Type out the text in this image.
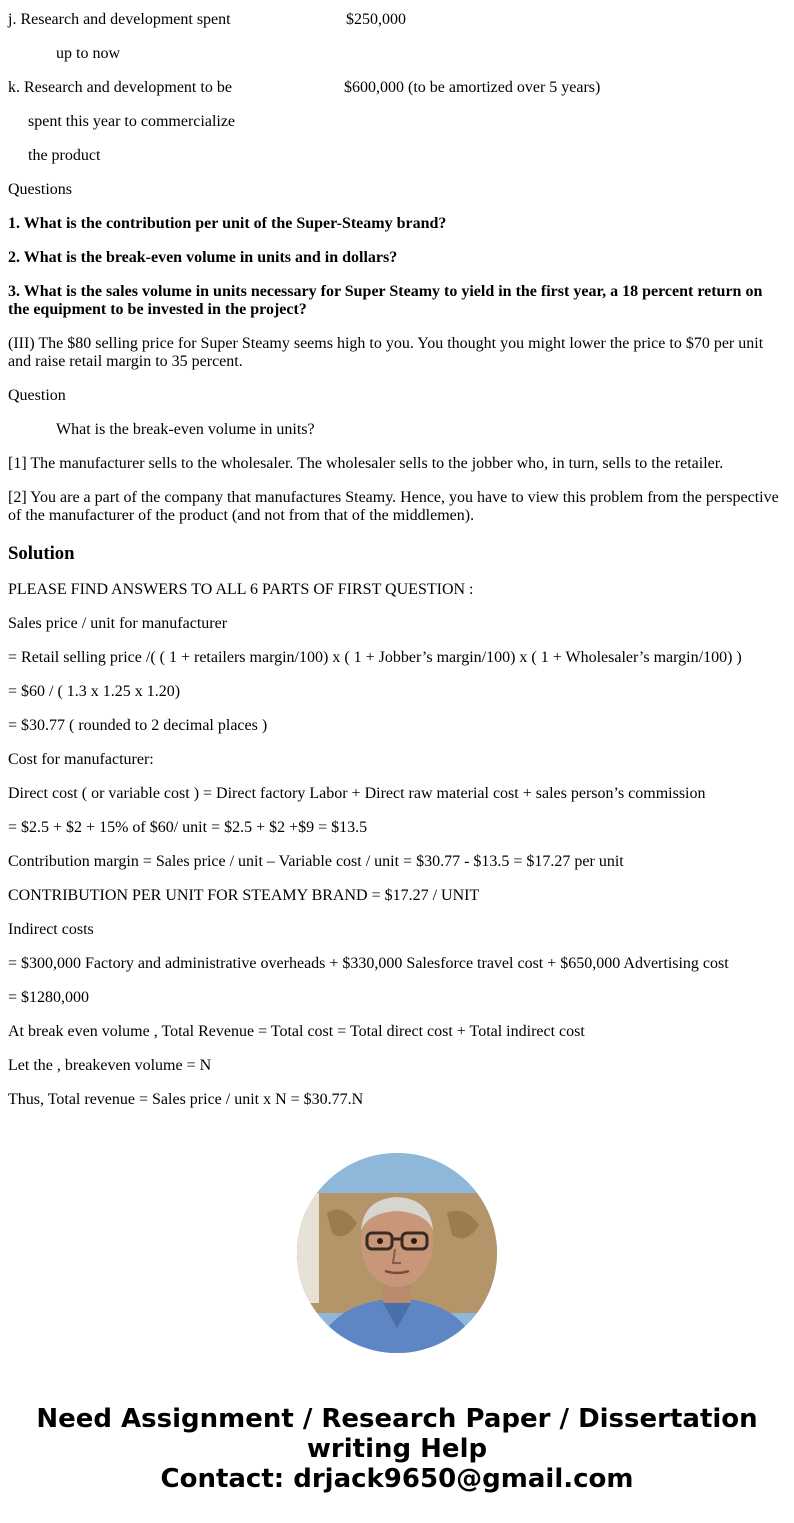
j. Research and development spent	$250,000

up to now

k. Research and development to be	$600,000 (to be amortized over 5 years)

spent this year to commercialize

the product

Questions

1. What is the contribution per unit of the Super-Steamy brand?

2. What is the break-even volume in units and in dollars?

3. What is the sales volume in units necessary for Super Steamy to yield in the first year, a 18 percent return on the equipment to be invested in the project?

(III) The $80 selling price for Super Steamy seems high to you. You thought you might lower the price to $70 per unit and raise retail margin to 35 percent.

Question

What is the break-even volume in units?

[1] The manufacturer sells to the wholesaler. The wholesaler sells to the jobber who, in turn, sells to the retailer.

[2] You are a part of the company that manufactures Steamy. Hence, you have to view this problem from the perspective of the manufacturer of the product (and not from that of the middlemen).

Solution

PLEASE FIND ANSWERS TO ALL 6 PARTS OF FIRST QUESTION :

Sales price / unit for manufacturer

= Retail selling price /( ( 1 + retailers margin/100) x ( 1 + Jobber’s margin/100) x ( 1 + Wholesaler’s margin/100) )

= $60 / ( 1.3 x 1.25 x 1.20)

= $30.77 ( rounded to 2 decimal places )

Cost for manufacturer:

Direct cost ( or variable cost ) = Direct factory Labor + Direct raw material cost + sales person’s commission

= $2.5 + $2 + 15% of $60/ unit = $2.5 + $2 +$9 = $13.5

Contribution margin = Sales price / unit – Variable cost / unit = $30.77 - $13.5 = $17.27 per unit

CONTRIBUTION PER UNIT FOR STEAMY BRAND = $17.27 / UNIT

Indirect costs

= $300,000 Factory and administrative overheads + $330,000 Salesforce travel cost + $650,000 Advertising cost

= $1280,000

At break even volume , Total Revenue = Total cost = Total direct cost + Total indirect cost

Let the , breakeven volume = N

Thus, Total revenue = Sales price / unit x N = $30.77.N

Need Assignment / Research Paper / Dissertation
writing Help
Contact: drjack9650@gmail.com
